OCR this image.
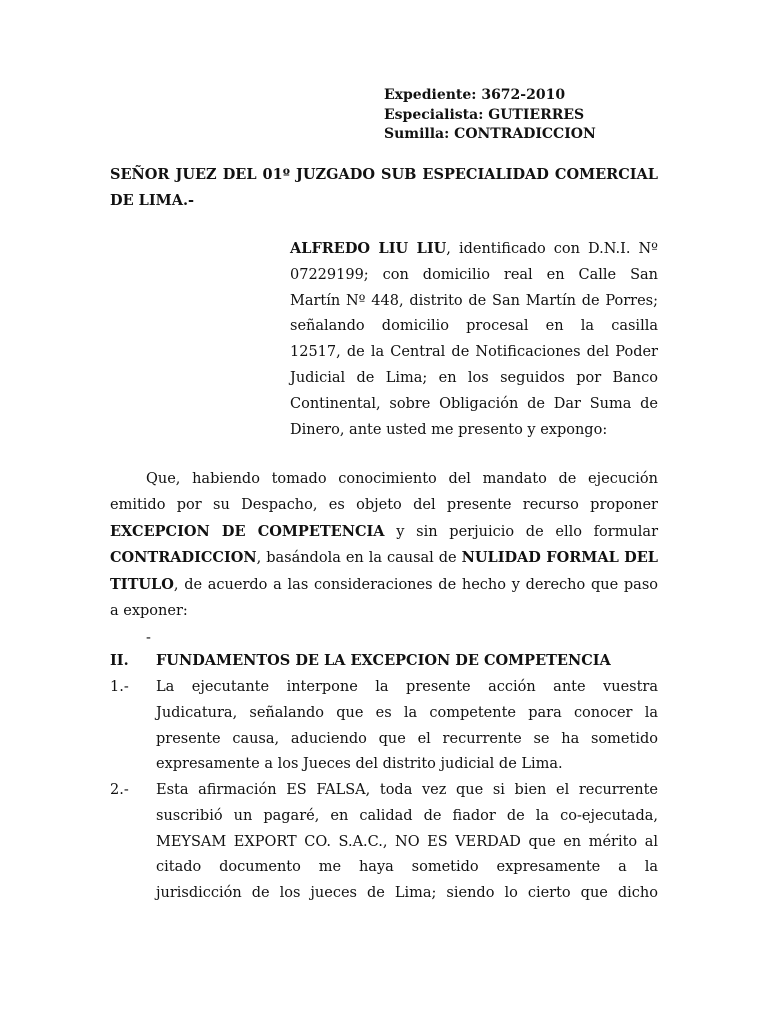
Expediente: 3672-2010
Especialista: GUTIERRES
Sumilla: CONTRADICCION
SEÑOR JUEZ DEL 01º JUZGADO SUB ESPECIALIDAD COMERCIAL
DE LIMA.-
ALFREDO LIU LIU, identificado con D.N.I. Nº
07229199; con domicilio real en Calle San
Martín Nº 448, distrito de San Martín de Porres;
señalando domicilio procesal en la casilla
12517, de la Central de Notificaciones del Poder
Judicial de Lima; en los seguidos por Banco
Continental, sobre Obligación de Dar Suma de
Dinero, ante usted me presento y expongo:
Que, habiendo tomado conocimiento del mandato de ejecución
emitido por su Despacho, es objeto del presente recurso proponer
EXCEPCION DE COMPETENCIA y sin perjuicio de ello formular
CONTRADICCION, basándola en la causal de NULIDAD FORMAL DEL
TITULO, de acuerdo a las consideraciones de hecho y derecho que paso
a exponer:
-
II. FUNDAMENTOS DE LA EXCEPCION DE COMPETENCIA
1.- La ejecutante interpone la presente acción ante vuestra
Judicatura, señalando que es la competente para conocer la
presente causa, aduciendo que el recurrente se ha sometido
expresamente a los Jueces del distrito judicial de Lima.
2.- Esta afirmación ES FALSA, toda vez que si bien el recurrente
suscribió un pagaré, en calidad de fiador de la co-ejecutada,
MEYSAM EXPORT CO. S.A.C., NO ES VERDAD que en mérito al
citado documento me haya sometido expresamente a la
jurisdicción de los jueces de Lima; siendo lo cierto que dicho
